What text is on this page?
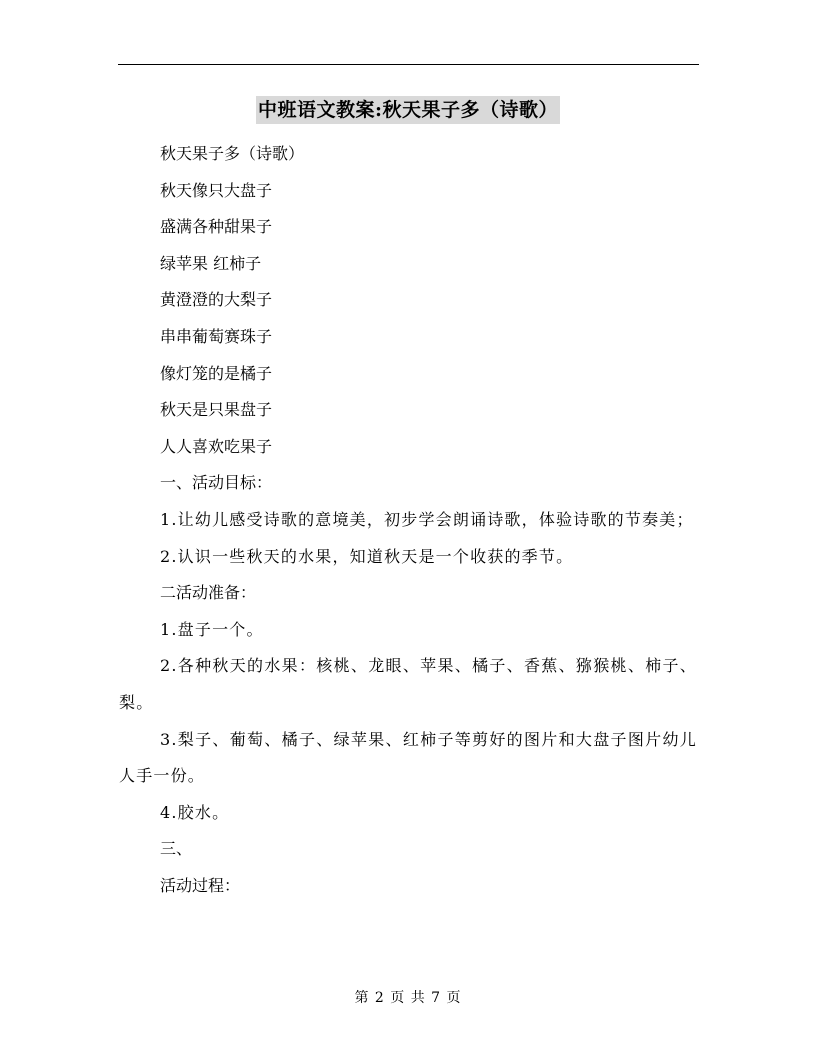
中班语文教案:秋天果子多（诗歌）
秋天果子多（诗歌）
秋天像只大盘子
盛满各种甜果子
绿苹果 红柿子
黄澄澄的大梨子
串串葡萄赛珠子
像灯笼的是橘子
秋天是只果盘子
人人喜欢吃果子
一、活动目标：
1.让幼儿感受诗歌的意境美，初步学会朗诵诗歌，体验诗歌的节奏美；
2.认识一些秋天的水果，知道秋天是一个收获的季节。
二活动准备：
1.盘子一个。
2.各种秋天的水果：核桃、龙眼、苹果、橘子、香蕉、猕猴桃、柿子、梨。
3.梨子、葡萄、橘子、绿苹果、红柿子等剪好的图片和大盘子图片幼儿人手一份。
4.胶水。
三、
活动过程：
第 2 页 共 7 页
